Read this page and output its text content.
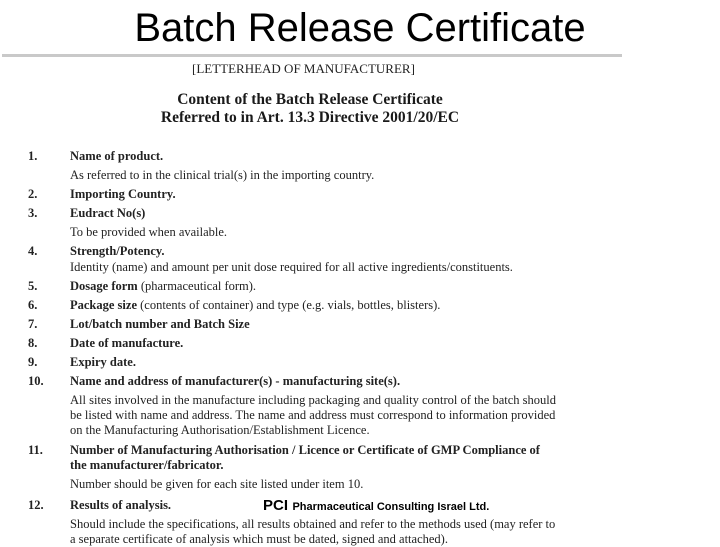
Batch Release Certificate
[LETTERHEAD OF MANUFACTURER]
Content of the Batch Release Certificate
Referred to in Art. 13.3 Directive 2001/20/EC
1.	Name of product.
As referred to in the clinical trial(s) in the importing country.
2.	Importing Country.
3.	Eudract No(s)
To be provided when available.
4.	Strength/Potency.
Identity (name) and amount per unit dose required for all active ingredients/constituents.
5.	Dosage form (pharmaceutical form).
6.	Package size (contents of container) and type (e.g. vials, bottles, blisters).
7.	Lot/batch number and Batch Size
8.	Date of manufacture.
9.	Expiry date.
10. Name and address of manufacturer(s) - manufacturing site(s).
All sites involved in the manufacture including packaging and quality control of the batch should
be listed with name and address. The name and address must correspond to information provided
on the Manufacturing Authorisation/Establishment Licence.
11. Number of Manufacturing Authorisation / Licence or Certificate of GMP Compliance of
the manufacturer/fabricator.
Number should be given for each site listed under item 10.
12. Results of analysis.
Should include the specifications, all results obtained and refer to the methods used (may refer to
a separate certificate of analysis which must be dated, signed and attached).
PCI Pharmaceutical Consulting Israel Ltd.
